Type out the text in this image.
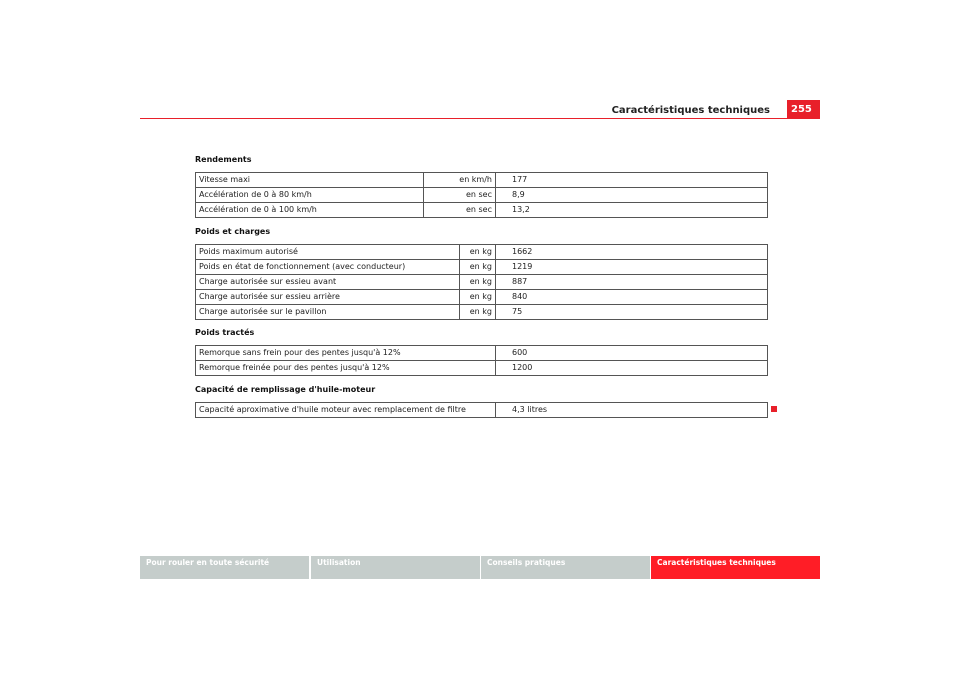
Caractéristiques techniques	255
Rendements
Vitesse maxi	en km/h	177
Accélération de 0 à 80 km/h	en sec	8,9
Accélération de 0 à 100 km/h	en sec	13,2
Poids et charges
Poids maximum autorisé	en kg	1662
Poids en état de fonctionnement (avec conducteur)	en kg	1219
Charge autorisée sur essieu avant	en kg	887
Charge autorisée sur essieu arrière	en kg	840
Charge autorisée sur le pavillon	en kg	75
Poids tractés
Remorque sans frein pour des pentes jusqu'à 12%	600
Remorque freinée pour des pentes jusqu'à 12%	1200
Capacité de remplissage d'huile-moteur
Capacité aproximative d'huile moteur avec remplacement de filtre	4,3 litres
Pour rouler en toute sécurité	Utilisation	Conseils pratiques	Caractéristiques techniques
